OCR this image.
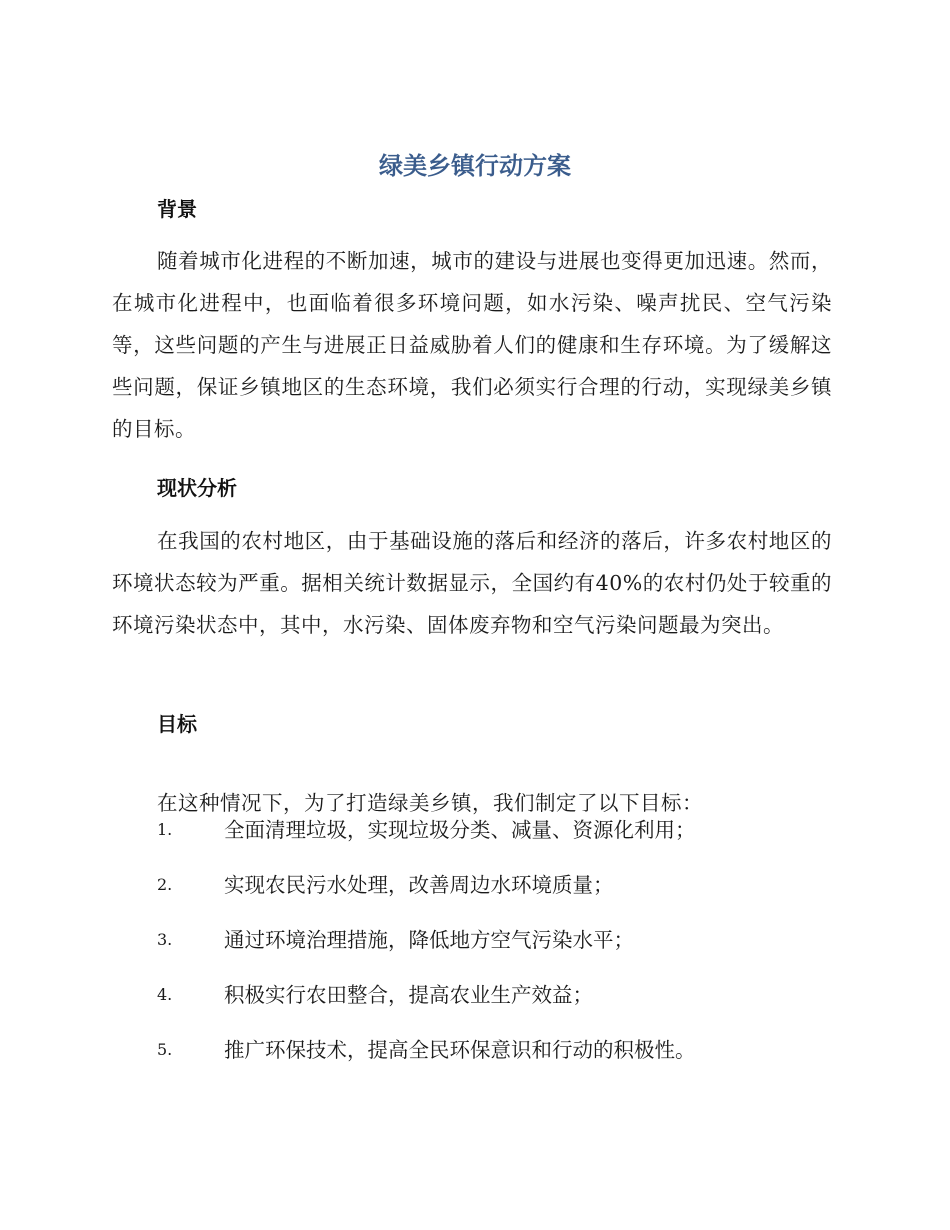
绿美乡镇行动方案
背景

随着城市化进程的不断加速，城市的建设与进展也变得更加迅速。然而，在城市化进程中，也面临着很多环境问题，如水污染、噪声扰民、空气污染等，这些问题的产生与进展正日益威胁着人们的健康和生存环境。为了缓解这些问题，保证乡镇地区的生态环境，我们必须实行合理的行动，实现绿美乡镇的目标。

现状分析

在我国的农村地区，由于基础设施的落后和经济的落后，许多农村地区的环境状态较为严重。据相关统计数据显示，全国约有40%的农村仍处于较重的环境污染状态中，其中，水污染、固体废弃物和空气污染问题最为突出。

目标

在这种情况下，为了打造绿美乡镇，我们制定了以下目标：

1.	全面清理垃圾，实现垃圾分类、减量、资源化利用；
2.	实现农民污水处理，改善周边水环境质量；
3.	通过环境治理措施，降低地方空气污染水平；
4.	积极实行农田整合，提高农业生产效益；
5.	推广环保技术，提高全民环保意识和行动的积极性。
